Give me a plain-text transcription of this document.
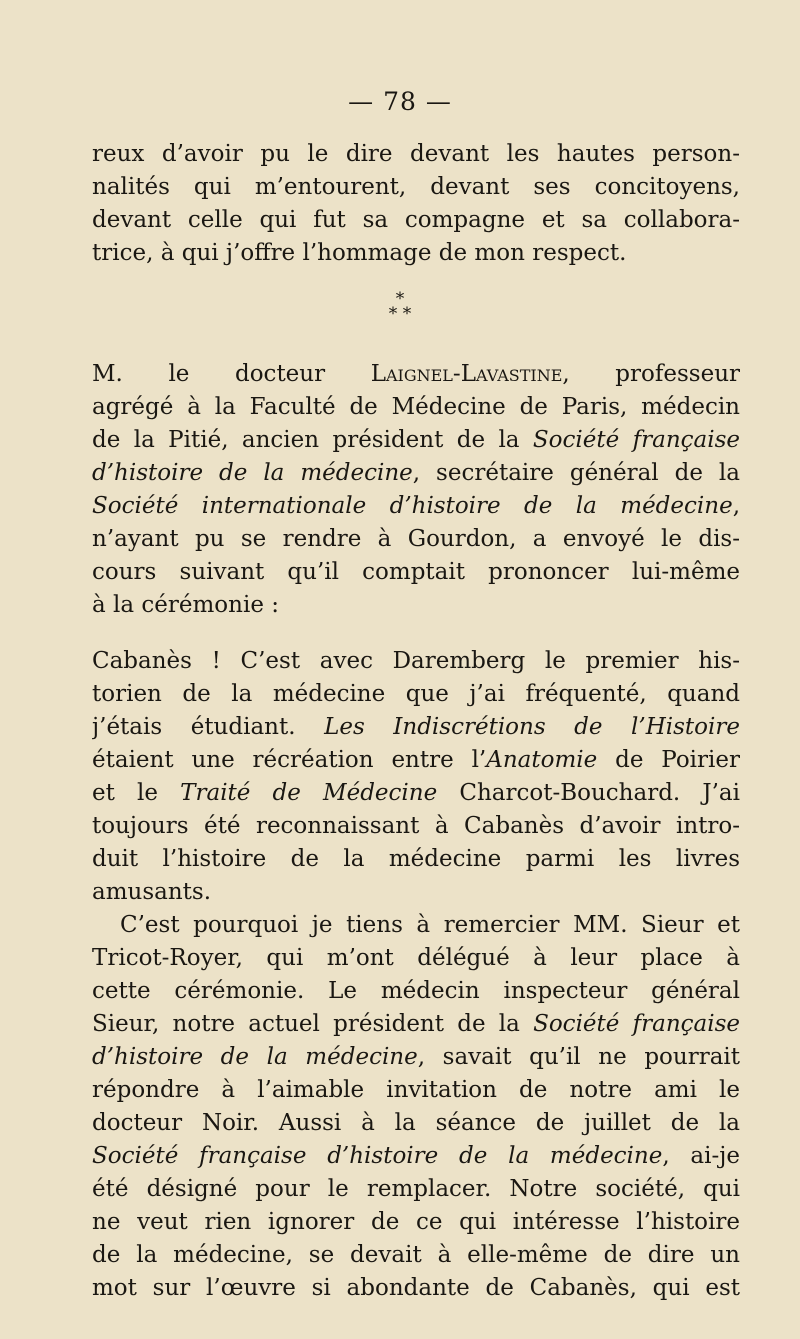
— 78 —
reux d’avoir pu le dire devant les hautes person-
nalités qui m’entourent, devant ses concitoyens,
devant celle qui fut sa compagne et sa collabora-
trice, à qui j’offre l’hommage de mon respect.
*
* *
M. le docteur Laignel-Lavastine, professeur
agrégé à la Faculté de Médecine de Paris, médecin
de la Pitié, ancien président de la Société française
d’histoire de la médecine, secrétaire général de la
Société internationale d’histoire de la médecine,
n’ayant pu se rendre à Gourdon, a envoyé le dis-
cours suivant qu’il comptait prononcer lui-même
à la cérémonie :
Cabanès ! C’est avec Daremberg le premier his-
torien de la médecine que j’ai fréquenté, quand
j’étais étudiant. Les Indiscrétions de l’Histoire
étaient une récréation entre l’Anatomie de Poirier
et le Traité de Médecine Charcot-Bouchard. J’ai
toujours été reconnaissant à Cabanès d’avoir intro-
duit l’histoire de la médecine parmi les livres
amusants.
C’est pourquoi je tiens à remercier MM. Sieur et
Tricot-Royer, qui m’ont délégué à leur place à
cette cérémonie. Le médecin inspecteur général
Sieur, notre actuel président de la Société française
d’histoire de la médecine, savait qu’il ne pourrait
répondre à l’aimable invitation de notre ami le
docteur Noir. Aussi à la séance de juillet de la
Société française d’histoire de la médecine, ai-je
été désigné pour le remplacer. Notre société, qui
ne veut rien ignorer de ce qui intéresse l’histoire
de la médecine, se devait à elle-même de dire un
mot sur l’œuvre si abondante de Cabanès, qui est
